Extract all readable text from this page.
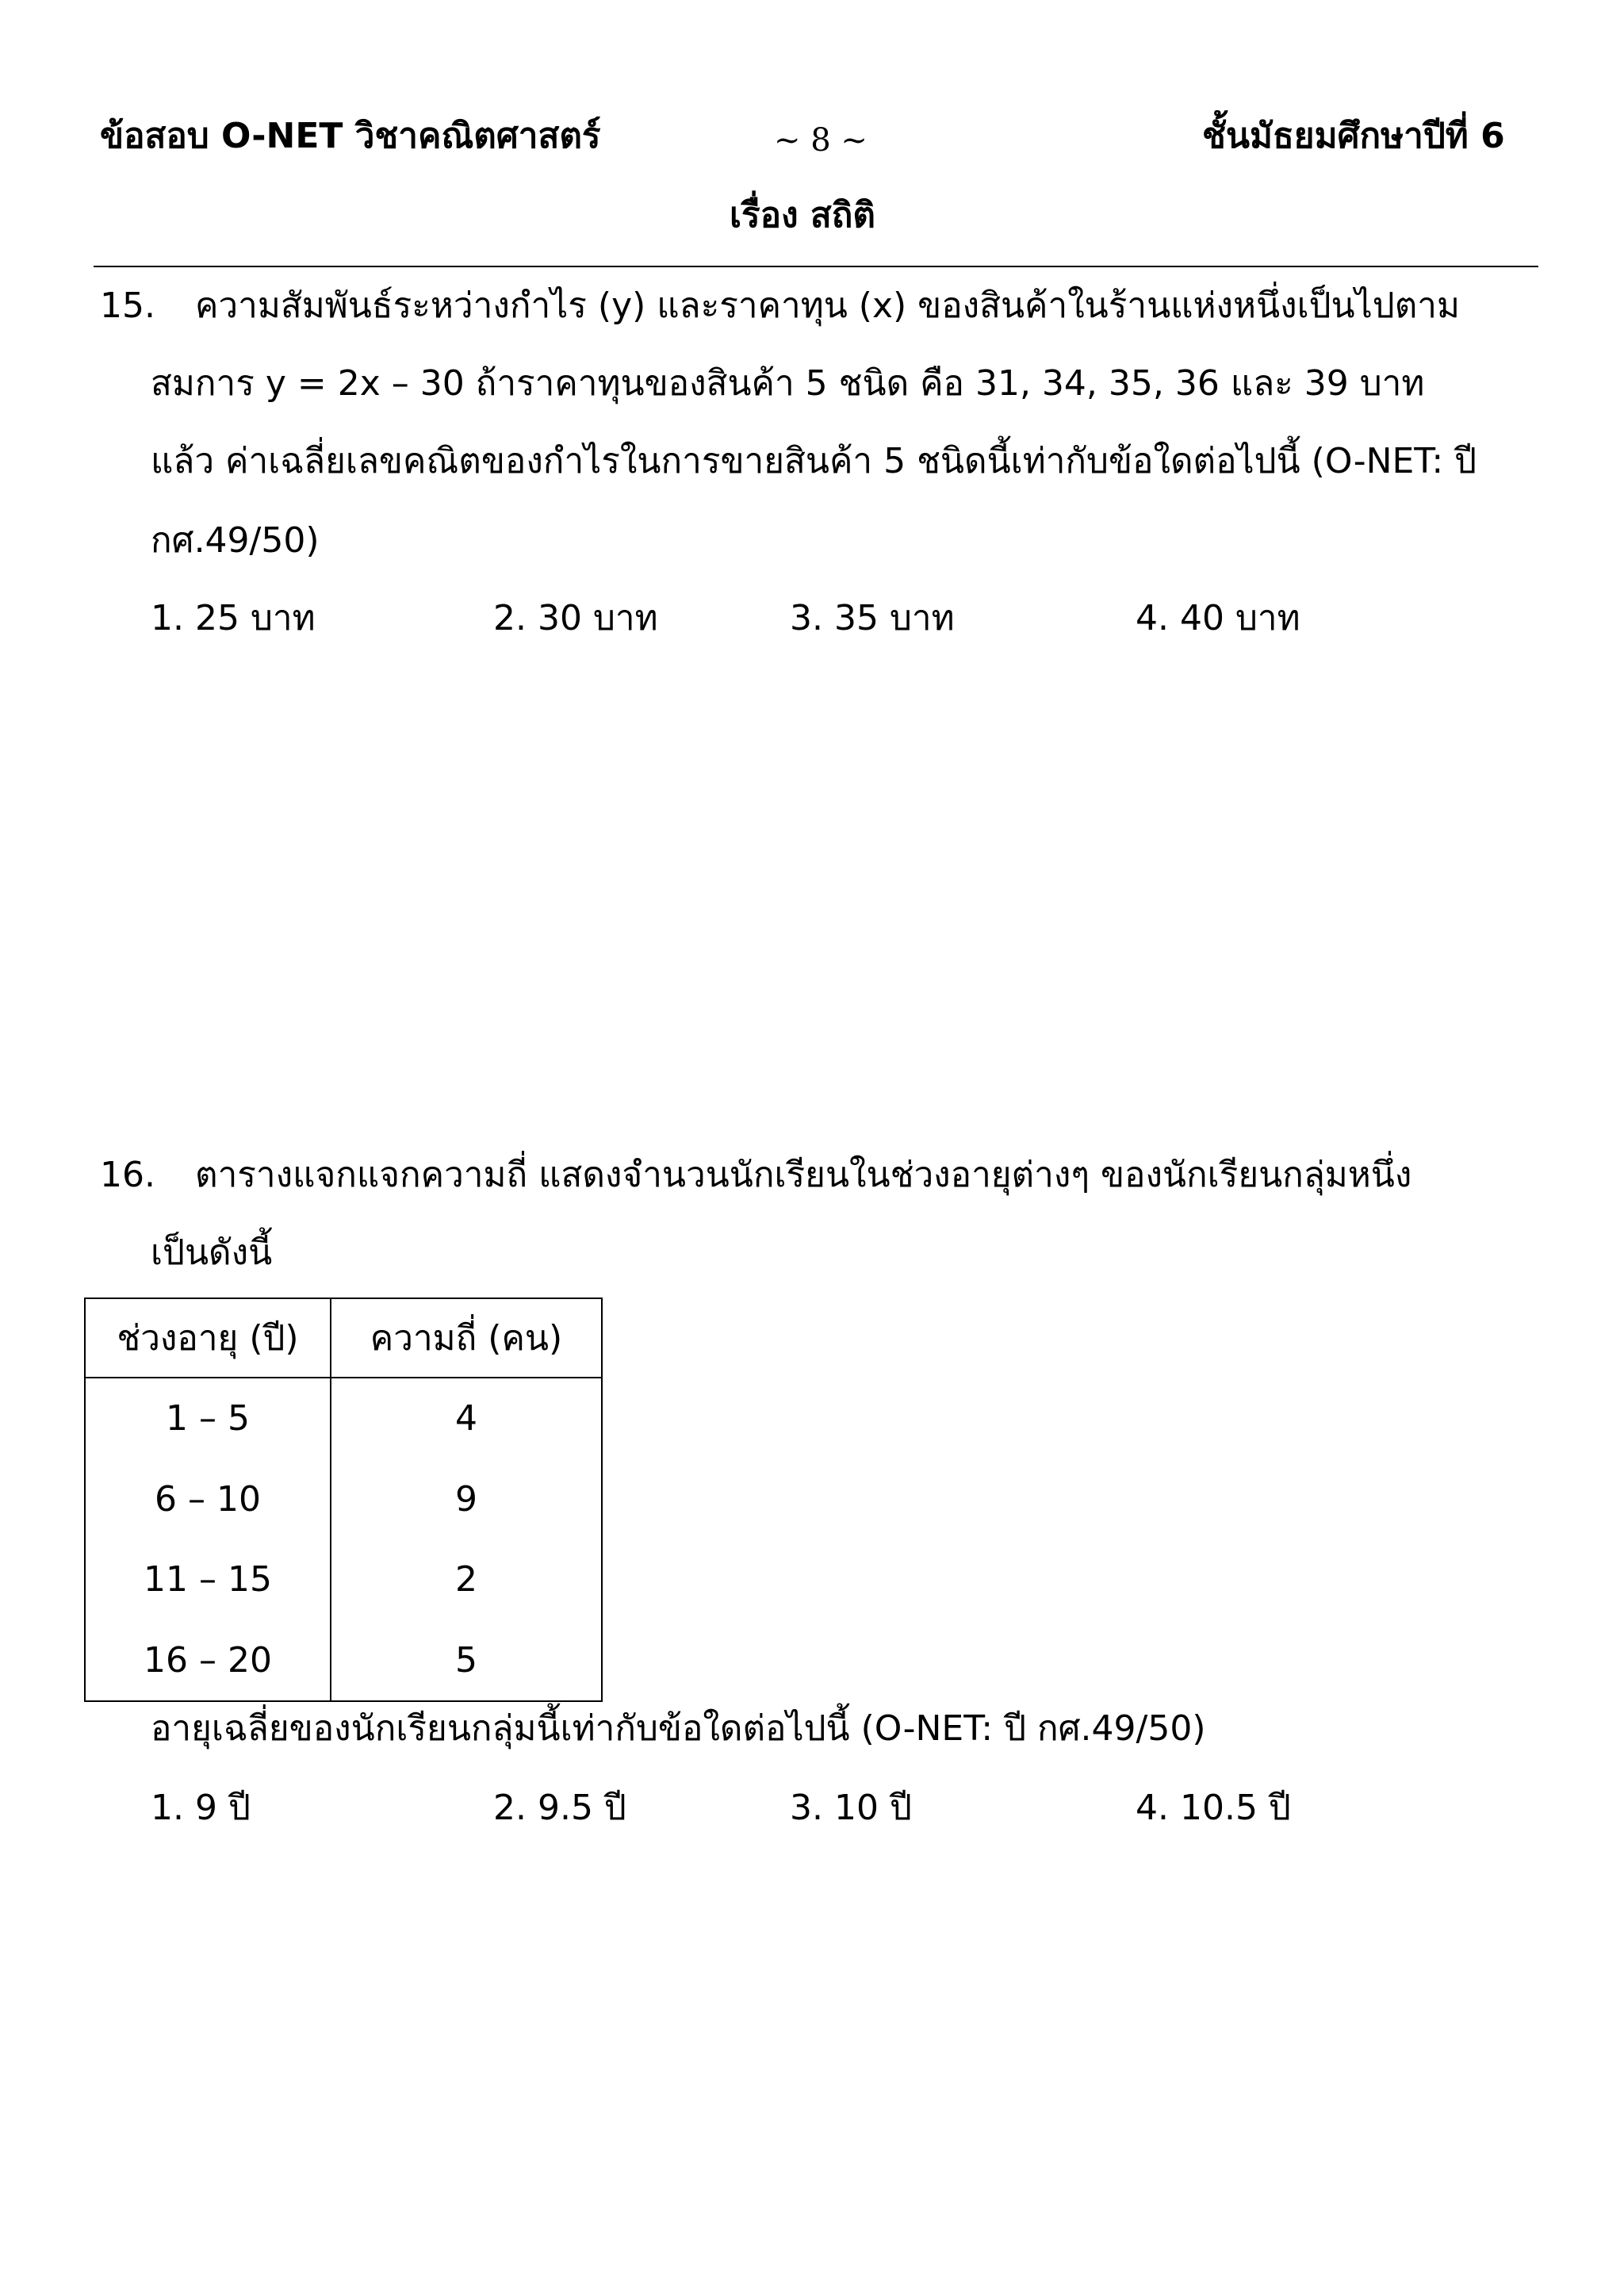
ข้อสอบ O-NET วิชาคณิตศาสตร์	~ 8 ~	ชั้นมัธยมศึกษาปีที่ 6
เรื่อง สถิติ
15. ความสัมพันธ์ระหว่างกำไร (y) และราคาทุน (x) ของสินค้าในร้านแห่งหนึ่งเป็นไปตาม
สมการ y = 2x – 30 ถ้าราคาทุนของสินค้า 5 ชนิด คือ 31, 34, 35, 36 และ 39 บาท
แล้ว ค่าเฉลี่ยเลขคณิตของกำไรในการขายสินค้า 5 ชนิดนี้เท่ากับข้อใดต่อไปนี้ (O-NET: ปี
กศ.49/50)
1. 25 บาท	2. 30 บาท	3. 35 บาท	4. 40 บาท
16. ตารางแจกแจกความถี่ แสดงจำนวนนักเรียนในช่วงอายุต่างๆ ของนักเรียนกลุ่มหนึ่ง
เป็นดังนี้
ช่วงอายุ (ปี)	ความถี่ (คน)
1 – 5	4
6 – 10	9
11 – 15	2
16 – 20	5
อายุเฉลี่ยของนักเรียนกลุ่มนี้เท่ากับข้อใดต่อไปนี้ (O-NET: ปี กศ.49/50)
1. 9 ปี	2. 9.5 ปี	3. 10 ปี	4. 10.5 ปี
